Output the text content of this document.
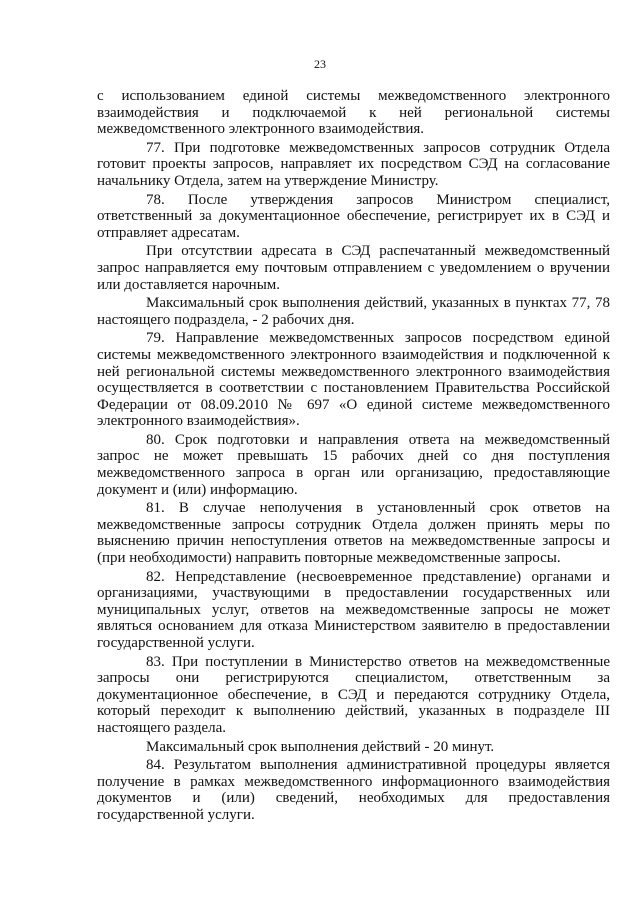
23

с использованием единой системы межведомственного электронного взаимодействия и подключаемой к ней региональной системы межведомственного электронного взаимодействия.

77. При подготовке межведомственных запросов сотрудник Отдела готовит проекты запросов, направляет их посредством СЭД на согласование начальнику Отдела, затем на утверждение Министру.

78. После утверждения запросов Министром специалист, ответственный за документационное обеспечение, регистрирует их в СЭД и отправляет адресатам.

При отсутствии адресата в СЭД распечатанный межведомственный запрос направляется ему почтовым отправлением с уведомлением о вручении или доставляется нарочным.

Максимальный срок выполнения действий, указанных в пунктах 77, 78 настоящего подраздела, - 2 рабочих дня.

79. Направление межведомственных запросов посредством единой системы межведомственного электронного взаимодействия и подключенной к ней региональной системы межведомственного электронного взаимодействия осуществляется в соответствии с постановлением Правительства Российской Федерации от 08.09.2010 № 697 «О единой системе межведомственного электронного взаимодействия».

80. Срок подготовки и направления ответа на межведомственный запрос не может превышать 15 рабочих дней со дня поступления межведомственного запроса в орган или организацию, предоставляющие документ и (или) информацию.

81. В случае неполучения в установленный срок ответов на межведомственные запросы сотрудник Отдела должен принять меры по выяснению причин непоступления ответов на межведомственные запросы и (при необходимости) направить повторные межведомственные запросы.

82. Непредставление (несвоевременное представление) органами и организациями, участвующими в предоставлении государственных или муниципальных услуг, ответов на межведомственные запросы не может являться основанием для отказа Министерством заявителю в предоставлении государственной услуги.

83. При поступлении в Министерство ответов на межведомственные запросы они регистрируются специалистом, ответственным за документационное обеспечение, в СЭД и передаются сотруднику Отдела, который переходит к выполнению действий, указанных в подразделе III настоящего раздела.

Максимальный срок выполнения действий - 20 минут.

84. Результатом выполнения административной процедуры является получение в рамках межведомственного информационного взаимодействия документов и (или) сведений, необходимых для предоставления государственной услуги.
